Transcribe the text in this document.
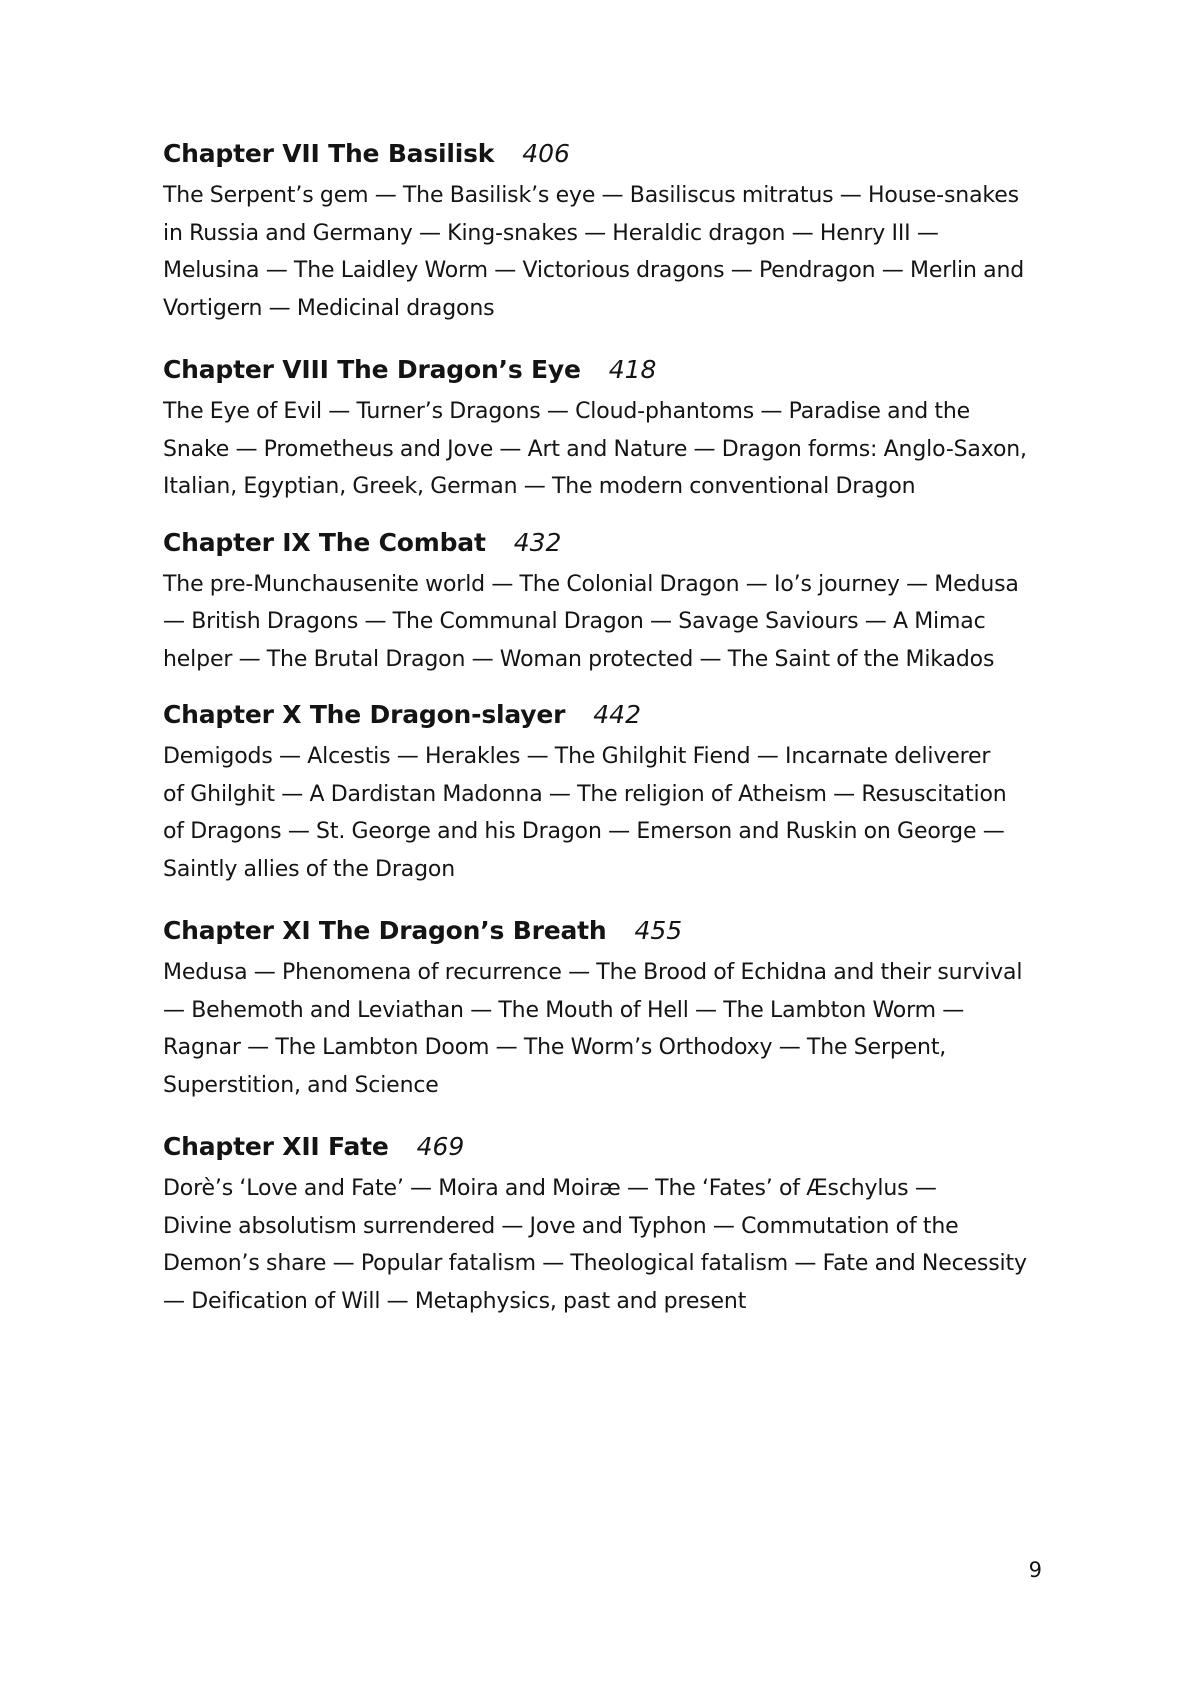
Chapter VII The Basilisk 406

The Serpent’s gem — The Basilisk’s eye — Basiliscus mitratus — House-snakes
in Russia and Germany — King-snakes — Heraldic dragon — Henry III —
Melusina — The Laidley Worm — Victorious dragons — Pendragon — Merlin and
Vortigern — Medicinal dragons

Chapter VIII The Dragon’s Eye 418

The Eye of Evil — Turner’s Dragons — Cloud-phantoms — Paradise and the
Snake — Prometheus and Jove — Art and Nature — Dragon forms: Anglo-Saxon,
Italian, Egyptian, Greek, German — The modern conventional Dragon

Chapter IX The Combat 432

The pre-Munchausenite world — The Colonial Dragon — Io’s journey — Medusa
— British Dragons — The Communal Dragon — Savage Saviours — A Mimac
helper — The Brutal Dragon — Woman protected — The Saint of the Mikados

Chapter X The Dragon-slayer 442

Demigods — Alcestis — Herakles — The Ghilghit Fiend — Incarnate deliverer
of Ghilghit — A Dardistan Madonna — The religion of Atheism — Resuscitation
of Dragons — St. George and his Dragon — Emerson and Ruskin on George —
Saintly allies of the Dragon

Chapter XI The Dragon’s Breath 455

Medusa — Phenomena of recurrence — The Brood of Echidna and their survival
— Behemoth and Leviathan — The Mouth of Hell — The Lambton Worm —
Ragnar — The Lambton Doom — The Worm’s Orthodoxy — The Serpent,
Superstition, and Science

Chapter XII Fate 469

Dorè’s ‘Love and Fate’ — Moira and Moiræ — The ‘Fates’ of Æschylus —
Divine absolutism surrendered — Jove and Typhon — Commutation of the
Demon’s share — Popular fatalism — Theological fatalism — Fate and Necessity
— Deification of Will — Metaphysics, past and present

9
